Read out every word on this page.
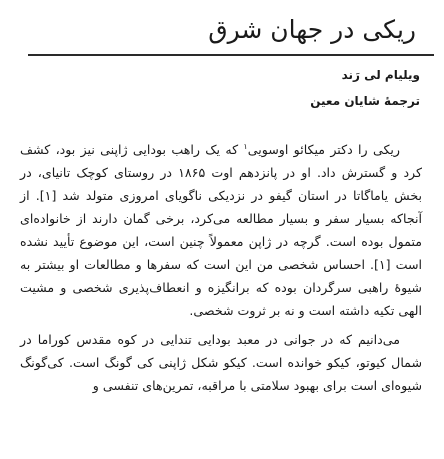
ریکی در جهان شرق
ویلیام لی رَند
ترجمهٔ شایان معین

ریکی را دکتر میکائو اوسویی$^۱$ که یک راهب بودایی ژاپنی نیز بود، کشف کرد و گسترش داد. او در پانزدهم اوت ۱۸۶۵ در روستای کوچک تانیای، در بخش یاماگاتا در استان گیفو در نزدیکی ناگویای امروزی متولد شد [۱]. از آنجاکه بسیار سفر و بسیار مطالعه می‌کرد، برخی گمان دارند از خانواده‌ای متمول بوده است. گرچه در ژاپن معمولاً چنین است، این موضوع تأیید نشده است [۱]. احساس شخصی من این است که سفرها و مطالعات او بیشتر به شیوهٔ راهبی سرگردان بوده که برانگیزه و انعطاف‌پذیری شخصی و مشیت الهی تکیه داشته است و نه بر ثروت شخصی.

می‌دانیم که در جوانی در معبد بودایی تندایی در کوه مقدس کوراما در شمال کیوتو، کیکو خوانده است. کیکو شکل ژاپنی کی گونگ است. کی‌گونگ شیوه‌ای است برای بهبود سلامتی با مراقبه، تمرین‌های تنفسی و
